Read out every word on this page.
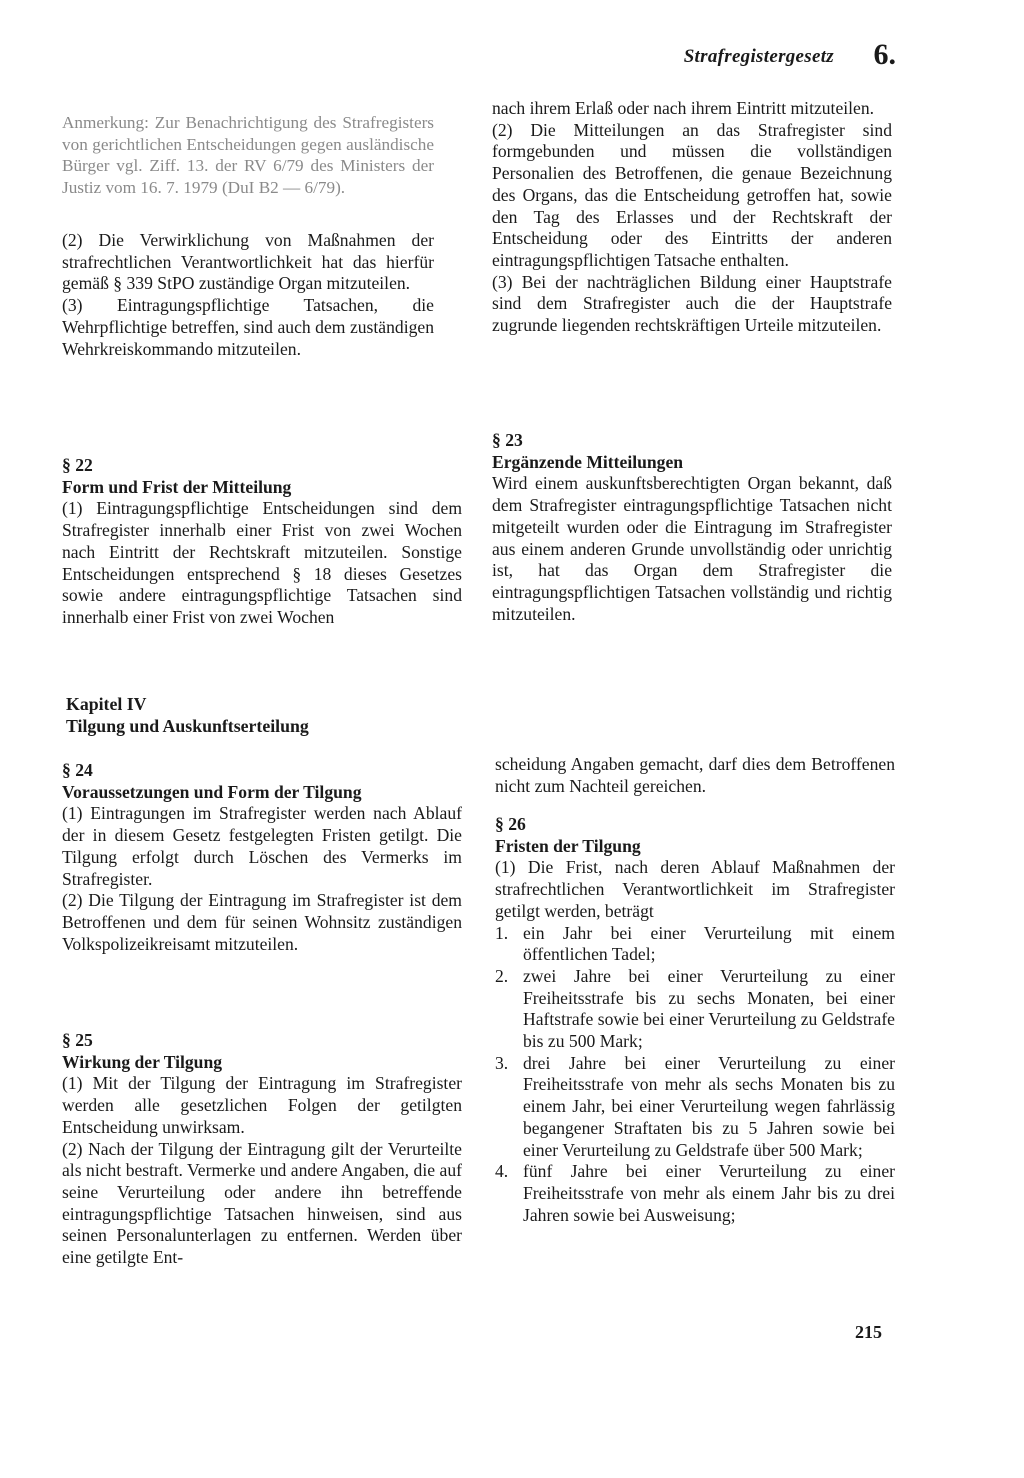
Strafregistergesetz 6.

Anmerkung: Zur Benachrichtigung des Strafregisters von gerichtlichen Entscheidungen gegen ausländische Bürger vgl. Ziff. 13. der RV 6/79 des Ministers der Justiz vom 16. 7. 1979 (DuI B2 — 6/79).

(2) Die Verwirklichung von Maßnahmen der strafrechtlichen Verantwortlichkeit hat das hierfür gemäß § 339 StPO zuständige Organ mitzuteilen.

(3) Eintragungspflichtige Tatsachen, die Wehrpflichtige betreffen, sind auch dem zuständigen Wehrkreiskommando mitzuteilen.

§ 22
Form und Frist der Mitteilung

(1) Eintragungspflichtige Entscheidungen sind dem Strafregister innerhalb einer Frist von zwei Wochen nach Eintritt der Rechtskraft mitzuteilen. Sonstige Entscheidungen entsprechend § 18 dieses Gesetzes sowie andere eintragungspflichtige Tatsachen sind innerhalb einer Frist von zwei Wochen

nach ihrem Erlaß oder nach ihrem Eintritt mitzuteilen.

(2) Die Mitteilungen an das Strafregister sind formgebunden und müssen die vollständigen Personalien des Betroffenen, die genaue Bezeichnung des Organs, das die Entscheidung getroffen hat, sowie den Tag des Erlasses und der Rechtskraft der Entscheidung oder des Eintritts der anderen eintragungspflichtigen Tatsache enthalten.

(3) Bei der nachträglichen Bildung einer Hauptstrafe sind dem Strafregister auch die der Hauptstrafe zugrunde liegenden rechtskräftigen Urteile mitzuteilen.

§ 23
Ergänzende Mitteilungen

Wird einem auskunftsberechtigten Organ bekannt, daß dem Strafregister eintragungspflichtige Tatsachen nicht mitgeteilt wurden oder die Eintragung im Strafregister aus einem anderen Grunde unvollständig oder unrichtig ist, hat das Organ dem Strafregister die eintragungspflichtigen Tatsachen vollständig und richtig mitzuteilen.

Kapitel IV
Tilgung und Auskunftserteilung
§ 24
Voraussetzungen und Form der Tilgung

(1) Eintragungen im Strafregister werden nach Ablauf der in diesem Gesetz festgelegten Fristen getilgt. Die Tilgung erfolgt durch Löschen des Vermerks im Strafregister.

(2) Die Tilgung der Eintragung im Strafregister ist dem Betroffenen und dem für seinen Wohnsitz zuständigen Volkspolizeikreisamt mitzuteilen.

§ 25
Wirkung der Tilgung

(1) Mit der Tilgung der Eintragung im Strafregister werden alle gesetzlichen Folgen der getilgten Entscheidung unwirksam.

(2) Nach der Tilgung der Eintragung gilt der Verurteilte als nicht bestraft. Vermerke und andere Angaben, die auf seine Verurteilung oder andere ihn betreffende eintragungspflichtige Tatsachen hinweisen, sind aus seinen Personalunterlagen zu entfernen. Werden über eine getilgte Ent-

scheidung Angaben gemacht, darf dies dem Betroffenen nicht zum Nachteil gereichen.

§ 26
Fristen der Tilgung

(1) Die Frist, nach deren Ablauf Maßnahmen der strafrechtlichen Verantwortlichkeit im Strafregister getilgt werden, beträgt

1. ein Jahr bei einer Verurteilung mit einem öffentlichen Tadel;
2. zwei Jahre bei einer Verurteilung zu einer Freiheitsstrafe bis zu sechs Monaten, bei einer Haftstrafe sowie bei einer Verurteilung zu Geldstrafe bis zu 500 Mark;
3. drei Jahre bei einer Verurteilung zu einer Freiheitsstrafe von mehr als sechs Monaten bis zu einem Jahr, bei einer Verurteilung wegen fahrlässig begangener Straftaten bis zu 5 Jahren sowie bei einer Verurteilung zu Geldstrafe über 500 Mark;
4. fünf Jahre bei einer Verurteilung zu einer Freiheitsstrafe von mehr als einem Jahr bis zu drei Jahren sowie bei Ausweisung;
215
